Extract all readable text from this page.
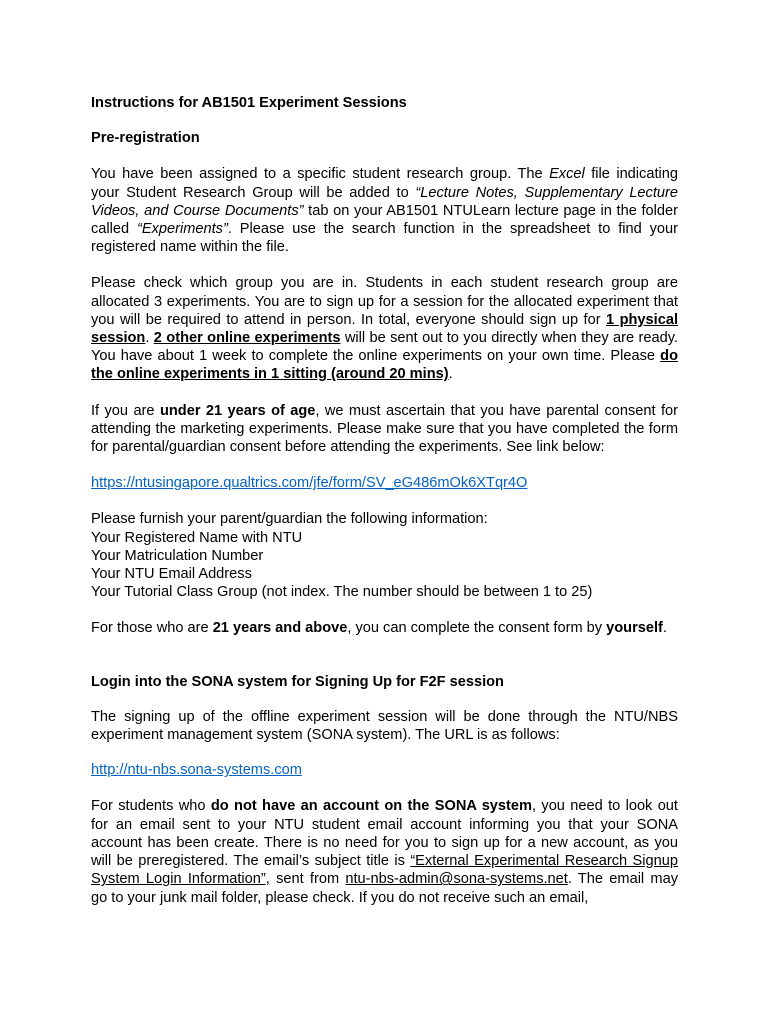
Instructions for AB1501 Experiment Sessions

Pre-registration

You have been assigned to a specific student research group. The Excel file indicating your Student Research Group will be added to “Lecture Notes, Supplementary Lecture Videos, and Course Documents” tab on your AB1501 NTULearn lecture page in the folder called “Experiments”. Please use the search function in the spreadsheet to find your registered name within the file.

Please check which group you are in. Students in each student research group are allocated 3 experiments. You are to sign up for a session for the allocated experiment that you will be required to attend in person. In total, everyone should sign up for 1 physical session. 2 other online experiments will be sent out to you directly when they are ready. You have about 1 week to complete the online experiments on your own time. Please do the online experiments in 1 sitting (around 20 mins).

If you are under 21 years of age, we must ascertain that you have parental consent for attending the marketing experiments. Please make sure that you have completed the form for parental/guardian consent before attending the experiments. See link below:

https://ntusingapore.qualtrics.com/jfe/form/SV_eG486mOk6XTqr4O

Please furnish your parent/guardian the following information:
Your Registered Name with NTU
Your Matriculation Number
Your NTU Email Address
Your Tutorial Class Group (not index. The number should be between 1 to 25)

For those who are 21 years and above, you can complete the consent form by yourself.

Login into the SONA system for Signing Up for F2F session

The signing up of the offline experiment session will be done through the NTU/NBS experiment management system (SONA system). The URL is as follows:

http://ntu-nbs.sona-systems.com

For students who do not have an account on the SONA system, you need to look out for an email sent to your NTU student email account informing you that your SONA account has been create. There is no need for you to sign up for a new account, as you will be preregistered. The email’s subject title is “External Experimental Research Signup System Login Information”, sent from ntu-nbs-admin@sona-systems.net. The email may go to your junk mail folder, please check. If you do not receive such an email,
